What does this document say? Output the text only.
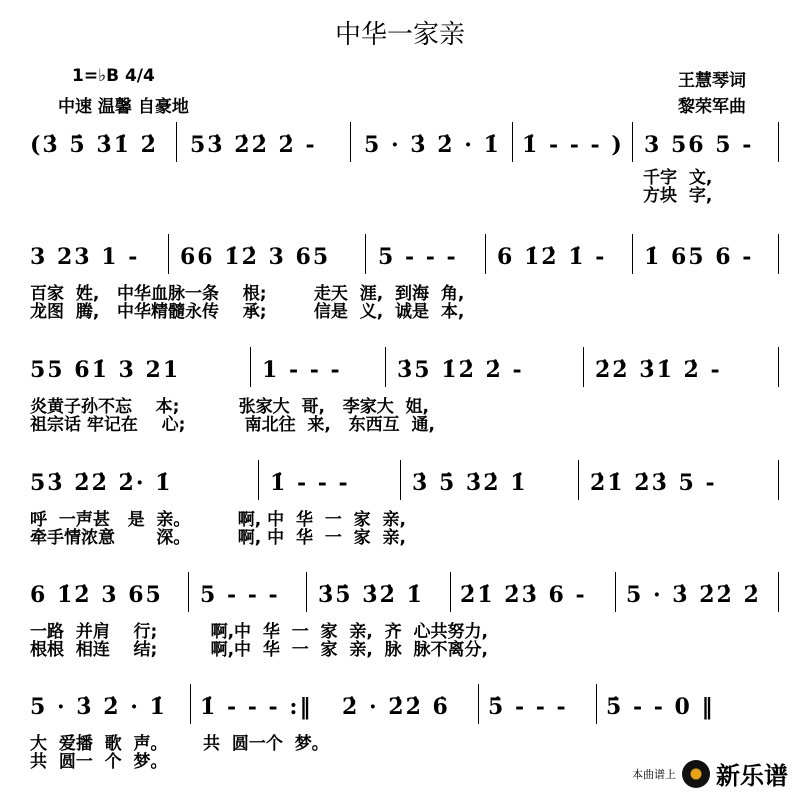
中华一家亲
1=♭B 4/4
中速 温馨 自豪地
王慧琴词
黎荣军曲
(3̇ 5̇ 3̇1̇ 2̇ 53̇ 2̇2̇ 2̇ - 5 · 3̇ 2̇ · 1̇ 1̇ - - - ) 3 56 5 -
千字  文,
方块  字,
3 23 1 - 66 1̇2̇ 3 65 5 - - - 6 1̇2̇ 1̇ - 1̇ 65 6 -
百家  姓,   中华血脉一条    根;        走天  涯,  到海  角,
龙图  腾,   中华精髓永传    承;        信是  义,  诚是  本,
55 61̇ 3 21	1 - - -	3̇5 1̇2̇ 2̇ -	2̇2̇ 3̇1̇ 2̇ -
炎黄子孙不忘    本;          张家大  哥,   李家大  姐,
祖宗话 牢记在    心;          南北往  来,   东西互  通,
53̇ 2̇2̇ 2̇· 1̇	1̇ - - -	3̇ 5̇ 3̇2̇ 1̇	2̇1̇ 2̇3̇ 5 -
呼  一声甚   是  亲。        啊, 中  华  一  家  亲,
牵手情浓意       深。        啊, 中  华  一  家  亲,
6 1̇2̇ 3 65 5 - - - 3̇5̇ 3̇2̇ 1̇ 2̇1̇ 2̇3̇ 6 - 5 · 3̇ 2̇2̇ 2̇
一路  并肩    行;         啊,中  华  一  家  亲,  齐  心共努力,
根根  相连    结;         啊,中  华  一  家  亲,  脉  脉不离分,
5 · 3̇ 2̇ · 1̇ 1̇ - - - :‖ 2̇ · 2̇2̇ 6̇ 5̇ - - - 5̇ - - 0 ‖
大  爱播  歌  声。      共  圆一个  梦。
共  圆一  个  梦。
本曲谱上 新乐谱
